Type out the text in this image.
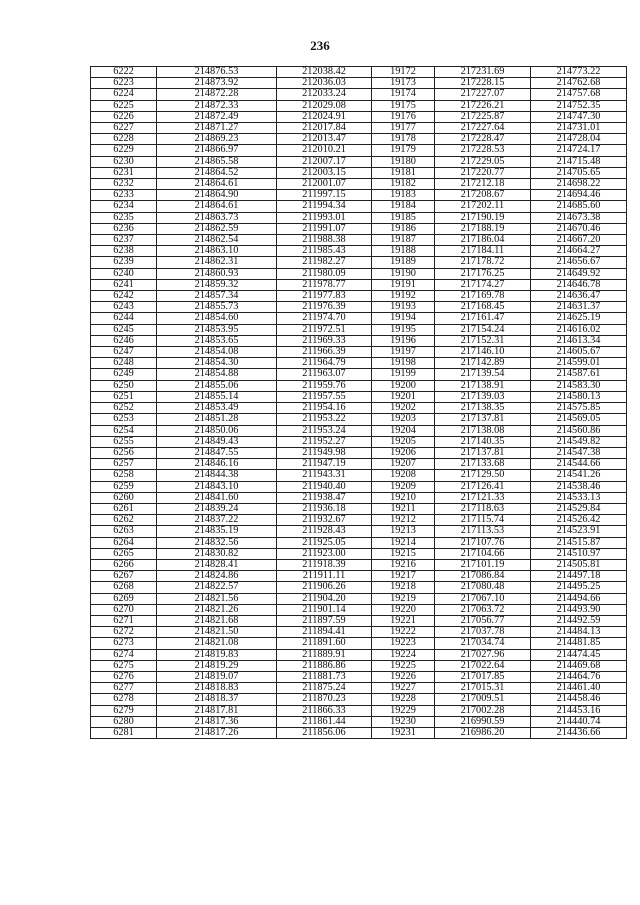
236
6222	214876.53	212038.42	19172	217231.69	214773.22
6223	214873.92	212036.03	19173	217228.15	214762.68
6224	214872.28	212033.24	19174	217227.07	214757.68
6225	214872.33	212029.08	19175	217226.21	214752.35
6226	214872.49	212024.91	19176	217225.87	214747.30
6227	214871.27	212017.84	19177	217227.64	214731.01
6228	214869.23	212013.47	19178	217228.47	214728.04
6229	214866.97	212010.21	19179	217228.53	214724.17
6230	214865.58	212007.17	19180	217229.05	214715.48
6231	214864.52	212003.15	19181	217220.77	214705.65
6232	214864.61	212001.07	19182	217212.18	214698.22
6233	214864.90	211997.15	19183	217208.67	214694.46
6234	214864.61	211994.34	19184	217202.11	214685.60
6235	214863.73	211993.01	19185	217190.19	214673.38
6236	214862.59	211991.07	19186	217188.19	214670.46
6237	214862.54	211988.38	19187	217186.04	214667.20
6238	214863.10	211985.43	19188	217184.11	214664.27
6239	214862.31	211982.27	19189	217178.72	214656.67
6240	214860.93	211980.09	19190	217176.25	214649.92
6241	214859.32	211978.77	19191	217174.27	214646.78
6242	214857.34	211977.83	19192	217169.78	214636.47
6243	214855.73	211976.39	19193	217168.45	214631.37
6244	214854.60	211974.70	19194	217161.47	214625.19
6245	214853.95	211972.51	19195	217154.24	214616.02
6246	214853.65	211969.33	19196	217152.31	214613.34
6247	214854.08	211966.39	19197	217146.10	214605.67
6248	214854.30	211964.79	19198	217142.89	214599.01
6249	214854.88	211963.07	19199	217139.54	214587.61
6250	214855.06	211959.76	19200	217138.91	214583.30
6251	214855.14	211957.55	19201	217139.03	214580.13
6252	214853.49	211954.16	19202	217138.35	214575.85
6253	214851.28	211953.22	19203	217137.81	214569.05
6254	214850.06	211953.24	19204	217138.08	214560.86
6255	214849.43	211952.27	19205	217140.35	214549.82
6256	214847.55	211949.98	19206	217137.81	214547.38
6257	214846.16	211947.19	19207	217133.68	214544.66
6258	214844.38	211943.31	19208	217129.50	214541.26
6259	214843.10	211940.40	19209	217126.41	214538.46
6260	214841.60	211938.47	19210	217121.33	214533.13
6261	214839.24	211936.18	19211	217118.63	214529.84
6262	214837.22	211932.67	19212	217115.74	214526.42
6263	214835.19	211928.43	19213	217113.53	214523.91
6264	214832.56	211925.05	19214	217107.76	214515.87
6265	214830.82	211923.00	19215	217104.66	214510.97
6266	214828.41	211918.39	19216	217101.19	214505.81
6267	214824.86	211911.11	19217	217086.84	214497.18
6268	214822.57	211906.26	19218	217080.48	214495.25
6269	214821.56	211904.20	19219	217067.10	214494.66
6270	214821.26	211901.14	19220	217063.72	214493.90
6271	214821.68	211897.59	19221	217056.77	214492.59
6272	214821.50	211894.41	19222	217037.78	214484.13
6273	214821.08	211891.60	19223	217034.74	214481.85
6274	214819.83	211889.91	19224	217027.96	214474.45
6275	214819.29	211886.86	19225	217022.64	214469.68
6276	214819.07	211881.73	19226	217017.85	214464.76
6277	214818.83	211875.24	19227	217015.31	214461.40
6278	214818.37	211870.23	19228	217009.51	214458.46
6279	214817.81	211866.33	19229	217002.28	214453.16
6280	214817.36	211861.44	19230	216990.59	214440.74
6281	214817.26	211856.06	19231	216986.20	214436.66
